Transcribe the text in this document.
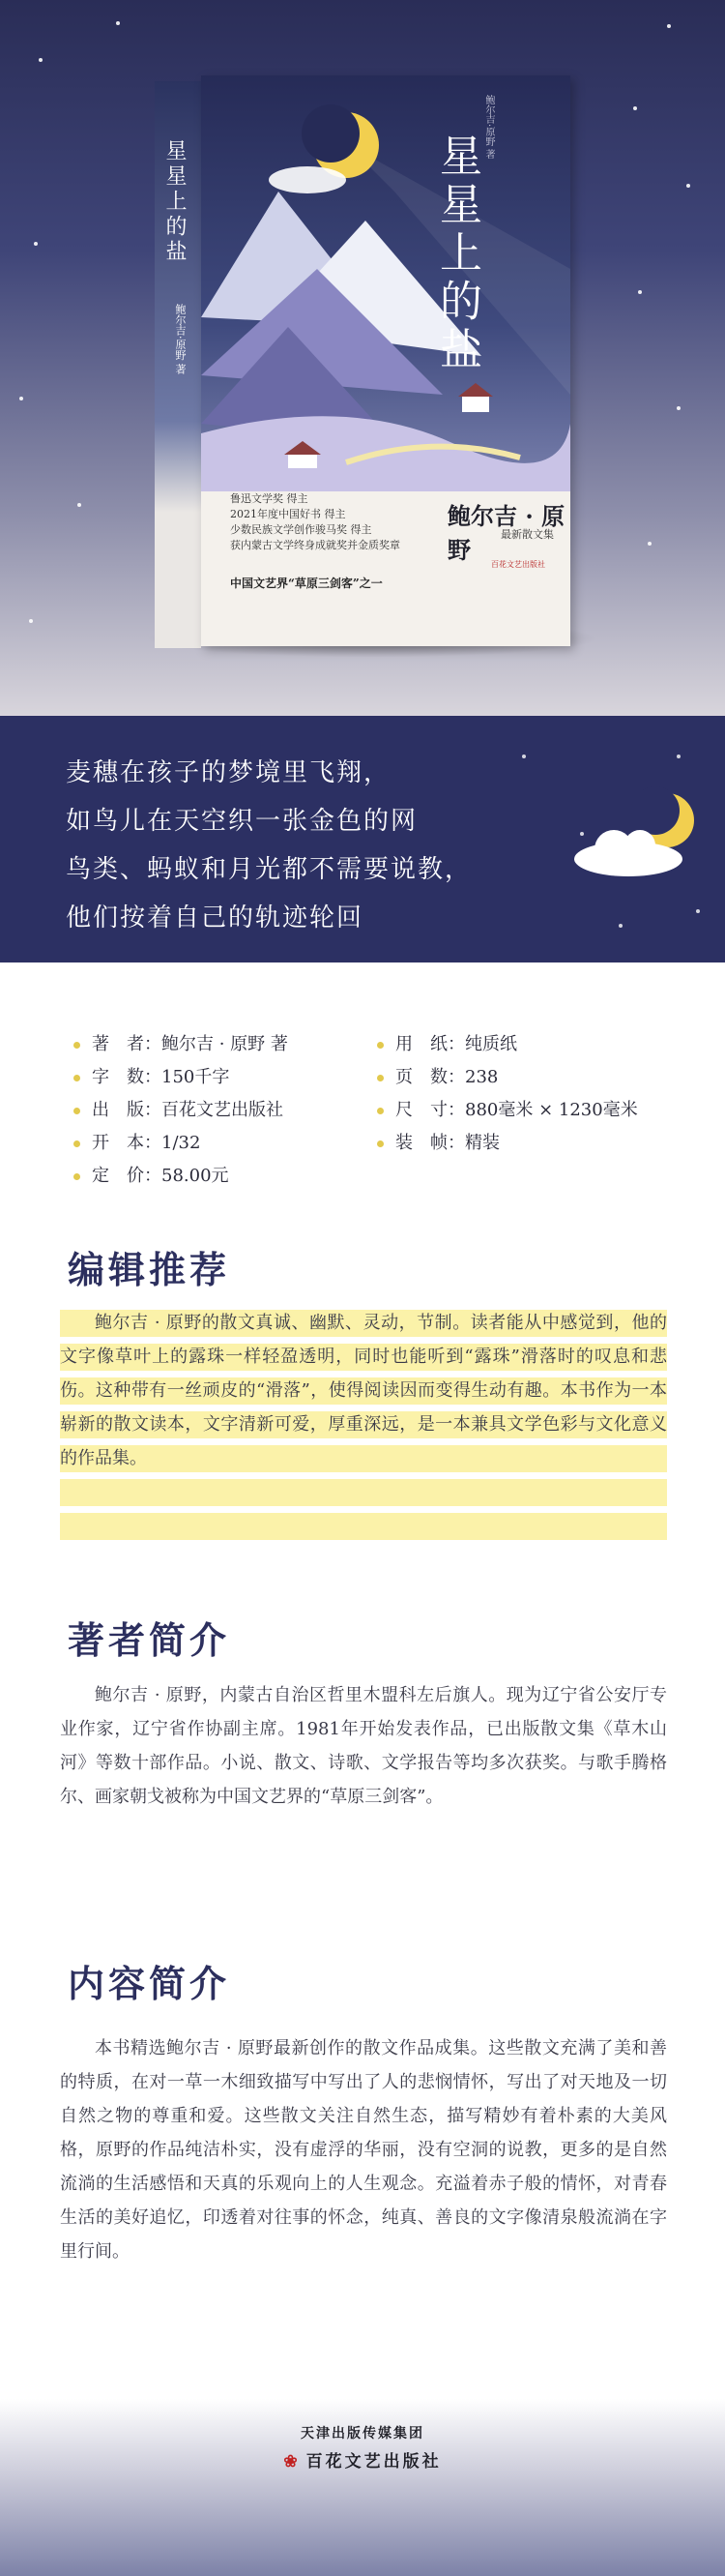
星星上的盐
鲍尔吉·原野 著	星星上的盐
鲍尔吉·原野 著
鲁迅文学奖 得主
2021年度中国好书 得主
少数民族文学创作骏马奖 得主
获内蒙古文学终身成就奖并金质奖章
鲍尔吉 · 原野
最新散文集
中国文艺界“草原三剑客”之一
百花文艺出版社
麦穗在孩子的梦境里飞翔，
如鸟儿在天空织一张金色的网
鸟类、蚂蚁和月光都不需要说教，
他们按着自己的轨迹轮回
著　者：鲍尔吉 · 原野 著
字　数：150千字
出　版：百花文艺出版社
开　本：1/32
定　价：58.00元
用　纸：纯质纸
页　数：238
尺　寸：880毫米 × 1230毫米
装　帧：精装
编辑推荐
鲍尔吉 · 原野的散文真诚、幽默、灵动，节制。读者能从中感觉到，他的文字像草叶上的露珠一样轻盈透明，同时也能听到“露珠”滑落时的叹息和悲伤。这种带有一丝顽皮的“滑落”，使得阅读因而变得生动有趣。本书作为一本崭新的散文读本，文字清新可爱，厚重深远，是一本兼具文学色彩与文化意义的作品集。
著者简介
鲍尔吉 · 原野，内蒙古自治区哲里木盟科左后旗人。现为辽宁省公安厅专业作家，辽宁省作协副主席。1981年开始发表作品，已出版散文集《草木山河》等数十部作品。小说、散文、诗歌、文学报告等均多次获奖。与歌手腾格尔、画家朝戈被称为中国文艺界的“草原三剑客”。
内容简介
本书精选鲍尔吉 · 原野最新创作的散文作品成集。这些散文充满了美和善的特质，在对一草一木细致描写中写出了人的悲悯情怀，写出了对天地及一切自然之物的尊重和爱。这些散文关注自然生态，描写精妙有着朴素的大美风格，原野的作品纯洁朴实，没有虚浮的华丽，没有空洞的说教，更多的是自然流淌的生活感悟和天真的乐观向上的人生观念。充溢着赤子般的情怀，对青春生活的美好追忆，印透着对往事的怀念，纯真、善良的文字像清泉般流淌在字里行间。
天津出版传媒集团
❀ 百花文艺出版社
